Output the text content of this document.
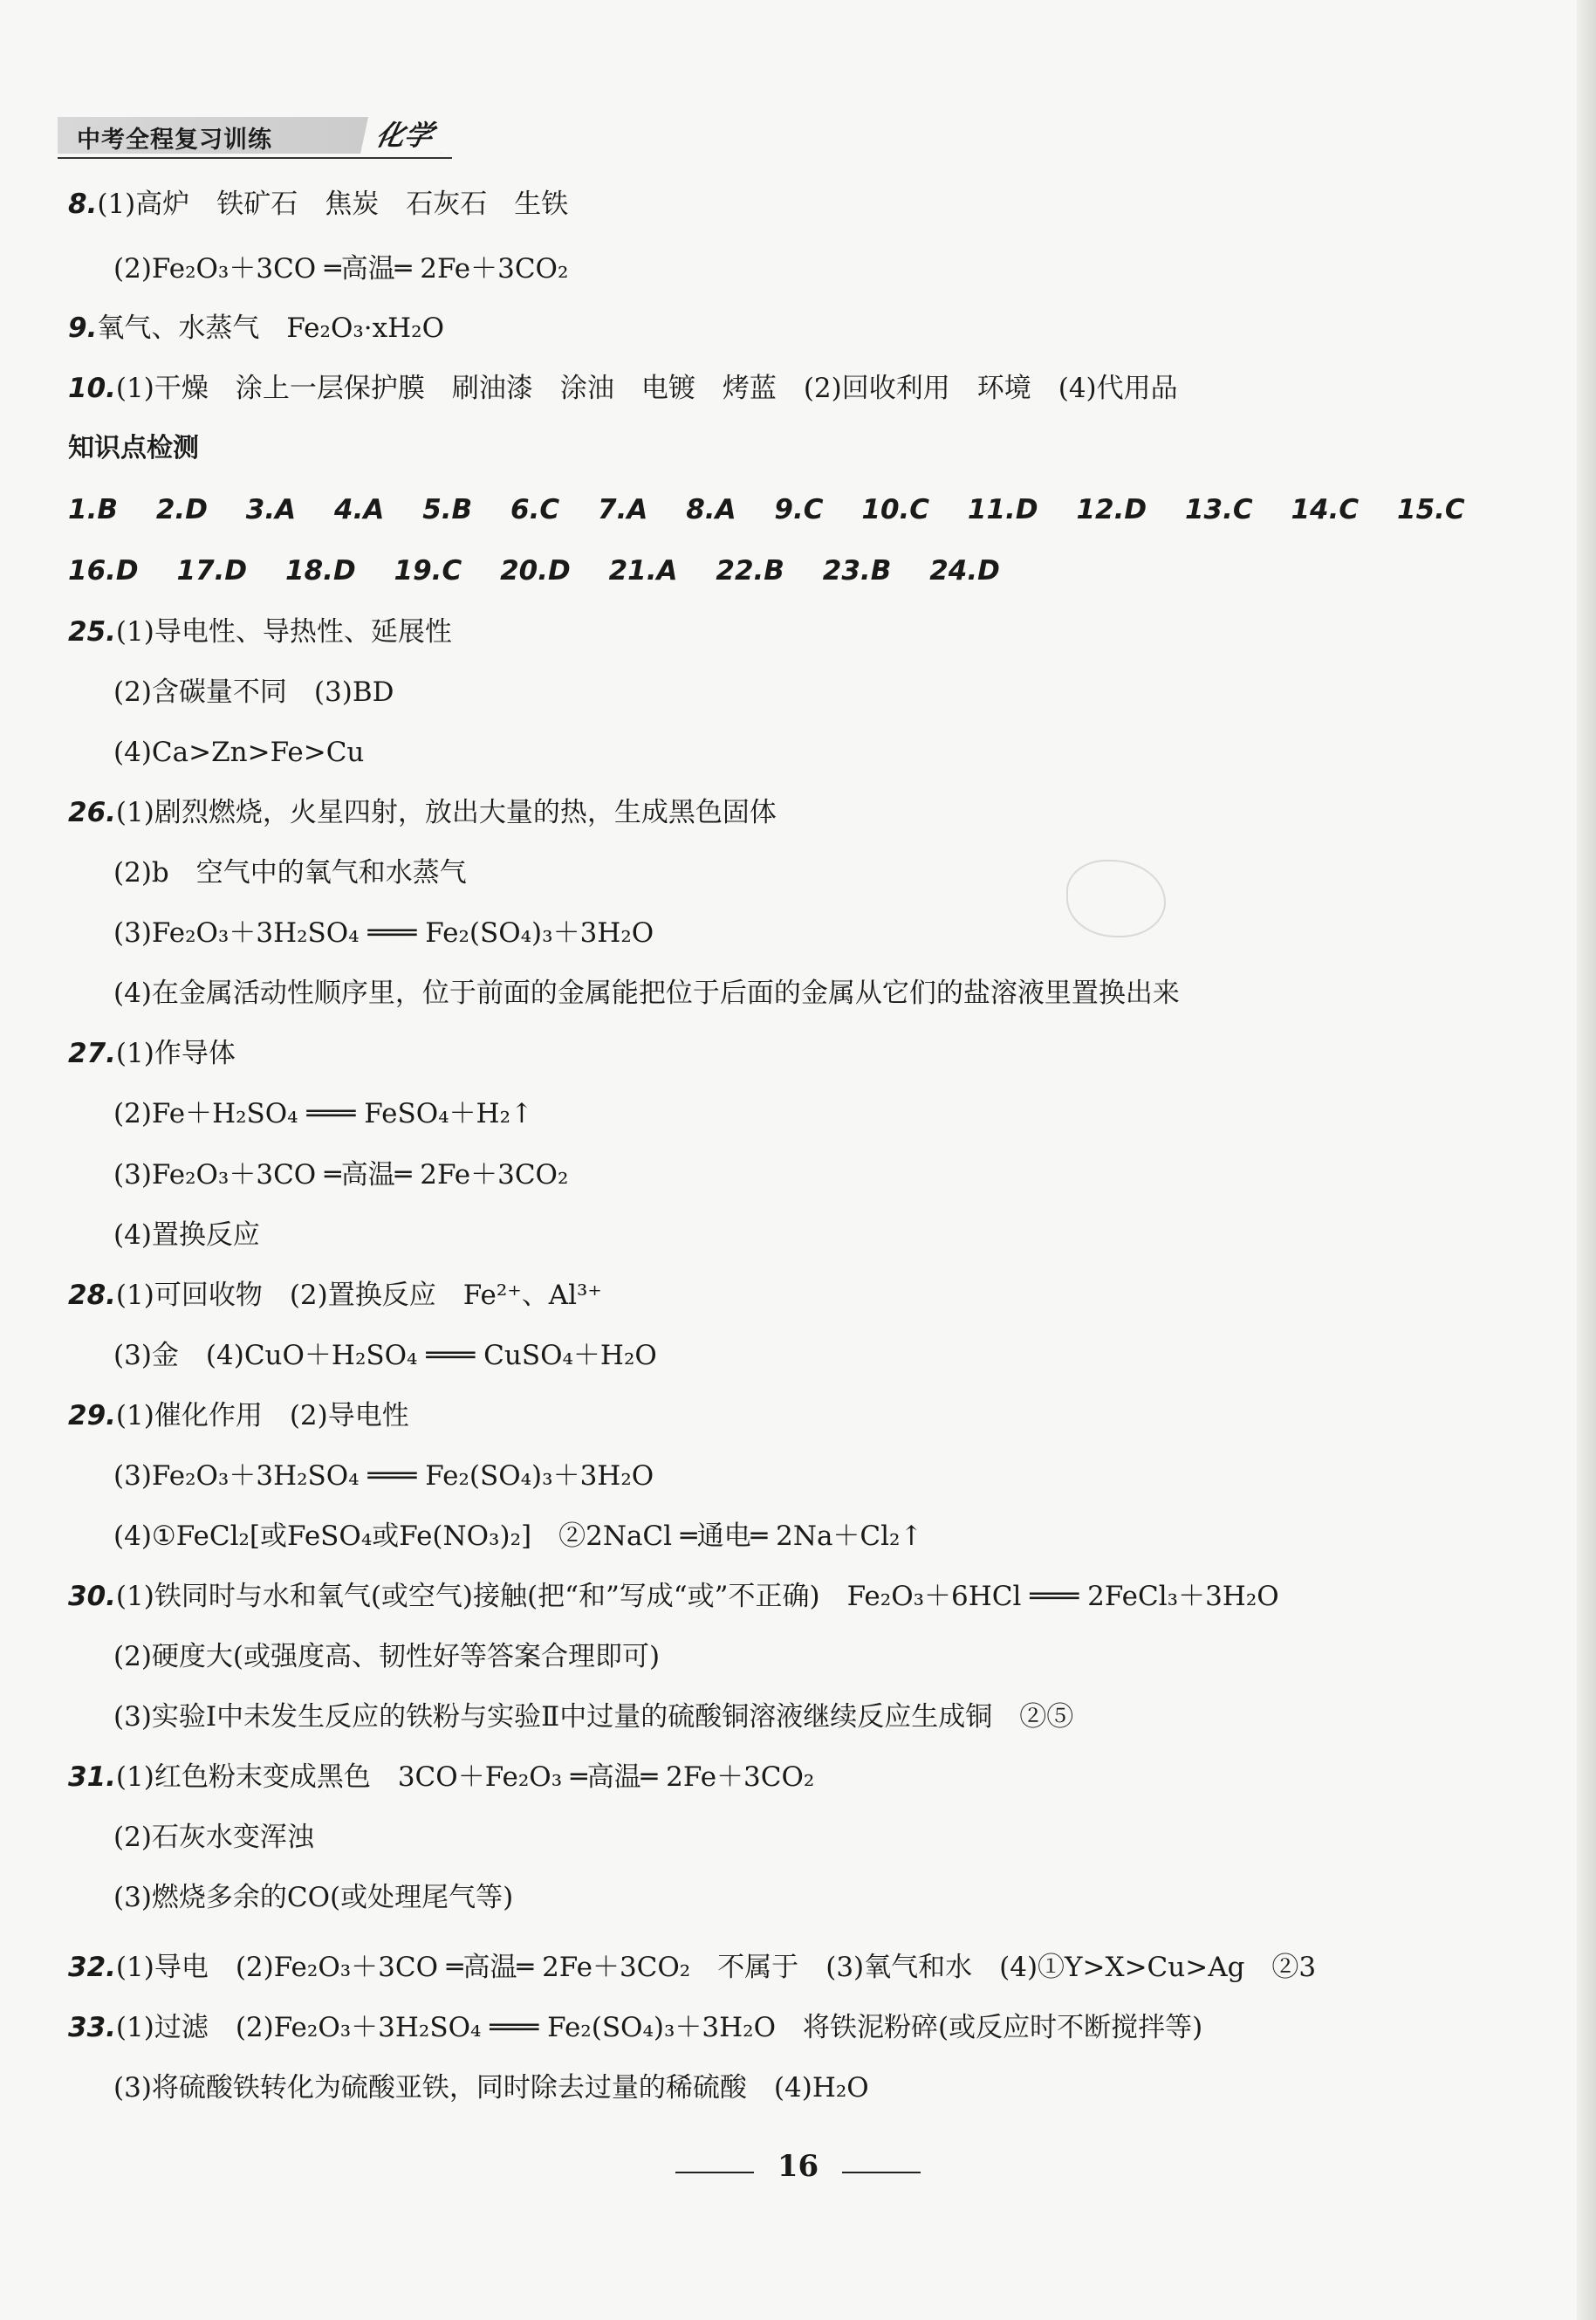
中考全程复习训练	化学
8.(1)高炉　铁矿石　焦炭　石灰石　生铁
(2)Fe₂O₃＋3CO ═高温═ 2Fe＋3CO₂
9.氧气、水蒸气　Fe₂O₃·xH₂O
10.(1)干燥　涂上一层保护膜　刷油漆　涂油　电镀　烤蓝　(2)回收利用　环境　(4)代用品
知识点检测
1.B 2.D 3.A 4.A 5.B 6.C 7.A 8.A 9.C 10.C 11.D 12.D 13.C 14.C 15.C
16.D 17.D 18.D 19.C 20.D 21.A 22.B 23.B 24.D
25.(1)导电性、导热性、延展性
(2)含碳量不同　(3)BD
(4)Ca>Zn>Fe>Cu
26.(1)剧烈燃烧，火星四射，放出大量的热，生成黑色固体
(2)b　空气中的氧气和水蒸气
(3)Fe₂O₃＋3H₂SO₄ ═══ Fe₂(SO₄)₃＋3H₂O
(4)在金属活动性顺序里，位于前面的金属能把位于后面的金属从它们的盐溶液里置换出来
27.(1)作导体
(2)Fe＋H₂SO₄ ═══ FeSO₄＋H₂↑
(3)Fe₂O₃＋3CO ═高温═ 2Fe＋3CO₂
(4)置换反应
28.(1)可回收物　(2)置换反应　Fe²⁺、Al³⁺
(3)金　(4)CuO＋H₂SO₄ ═══ CuSO₄＋H₂O
29.(1)催化作用　(2)导电性
(3)Fe₂O₃＋3H₂SO₄ ═══ Fe₂(SO₄)₃＋3H₂O
(4)①FeCl₂[或FeSO₄或Fe(NO₃)₂]　②2NaCl ═通电═ 2Na＋Cl₂↑
30.(1)铁同时与水和氧气(或空气)接触(把“和”写成“或”不正确)　Fe₂O₃＋6HCl ═══ 2FeCl₃＋3H₂O
(2)硬度大(或强度高、韧性好等答案合理即可)
(3)实验Ⅰ中未发生反应的铁粉与实验Ⅱ中过量的硫酸铜溶液继续反应生成铜　②⑤
31.(1)红色粉末变成黑色　3CO＋Fe₂O₃ ═高温═ 2Fe＋3CO₂
(2)石灰水变浑浊
(3)燃烧多余的CO(或处理尾气等)
32.(1)导电　(2)Fe₂O₃＋3CO ═高温═ 2Fe＋3CO₂　不属于　(3)氧气和水　(4)①Y>X>Cu>Ag　②3
33.(1)过滤　(2)Fe₂O₃＋3H₂SO₄ ═══ Fe₂(SO₄)₃＋3H₂O　将铁泥粉碎(或反应时不断搅拌等)
(3)将硫酸铁转化为硫酸亚铁，同时除去过量的稀硫酸　(4)H₂O
16
